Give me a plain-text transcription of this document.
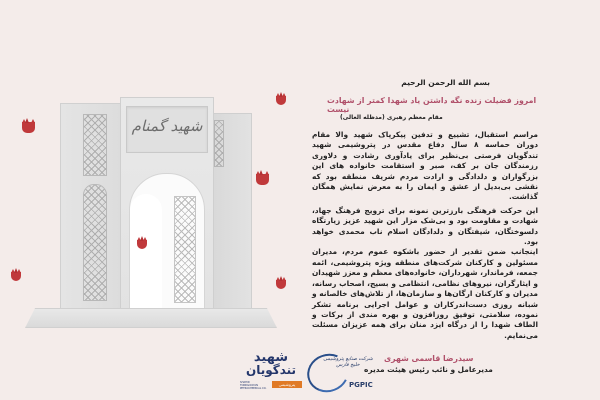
شهید گمنام

بسم الله الرحمن الرحیم

امروز فضیلت زنده نگه داشتن یاد شهدا کمتر از شهادت نیست

مقام معظم رهبری (مدظله العالی)

مراسم استقبال، تشییع و تدفین پیکرپاک شهید والا مقام دوران حماسه ۸ سال دفاع مقدس در پتروشیمی شهید تندگویان فرصتی بی‌نظیر برای یادآوری رشادت و دلاوری رزمندگان جان بر کف، صبر و استقامت خانواده های این بزرگواران و دلدادگی و ارادت مردم شریف منطقه بود که نقشی بی‌بدیل از عشق و ایمان را به معرض نمایش همگان گذاشت.

این حرکت فرهنگی بارزترین نمونه برای ترویج فرهنگ جهاد، شهادت و مقاومت بود و بی‌شک مزار این شهید عزیز زیارتگاه دلسوختگان، شیفتگان و دلدادگان اسلام ناب محمدی خواهد بود.

اینجانب ضمن تقدیر از حضور باشکوه عموم مردم، مدیران مسئولین و کارکنان شرکت‌های منطقه ویژه پتروشیمی، ائمه جمعه، فرماندار، شهرداران، خانواده‌های معظم و معزز شهیدان و ایثارگران، نیروهای نظامی، انتظامی و بسیج، اصحاب رسانه، مدیران و کارکنان ارگان‌ها و سازمان‌ها، از تلاش‌های خالصانه و شبانه روزی دست‌اندرکاران و عوامل اجرایی برنامه تشکر نموده، سلامتی، توفیق روزافزون و بهره مندی از برکات و الطاف شهدا را از درگاه ایزد منان برای همه عزیزان مسئلت می‌نمایم.

سیدرضا قاسمی شهری

مدیرعامل و نائب رئیس هیئت مدیره

شهید
تندگویان
SHAHID TONDGOOYAN PETROCHEMICAL CO.
پتروشیمی
شرکت صنایع پتروشیمی خلیج فارس
PGPIC
